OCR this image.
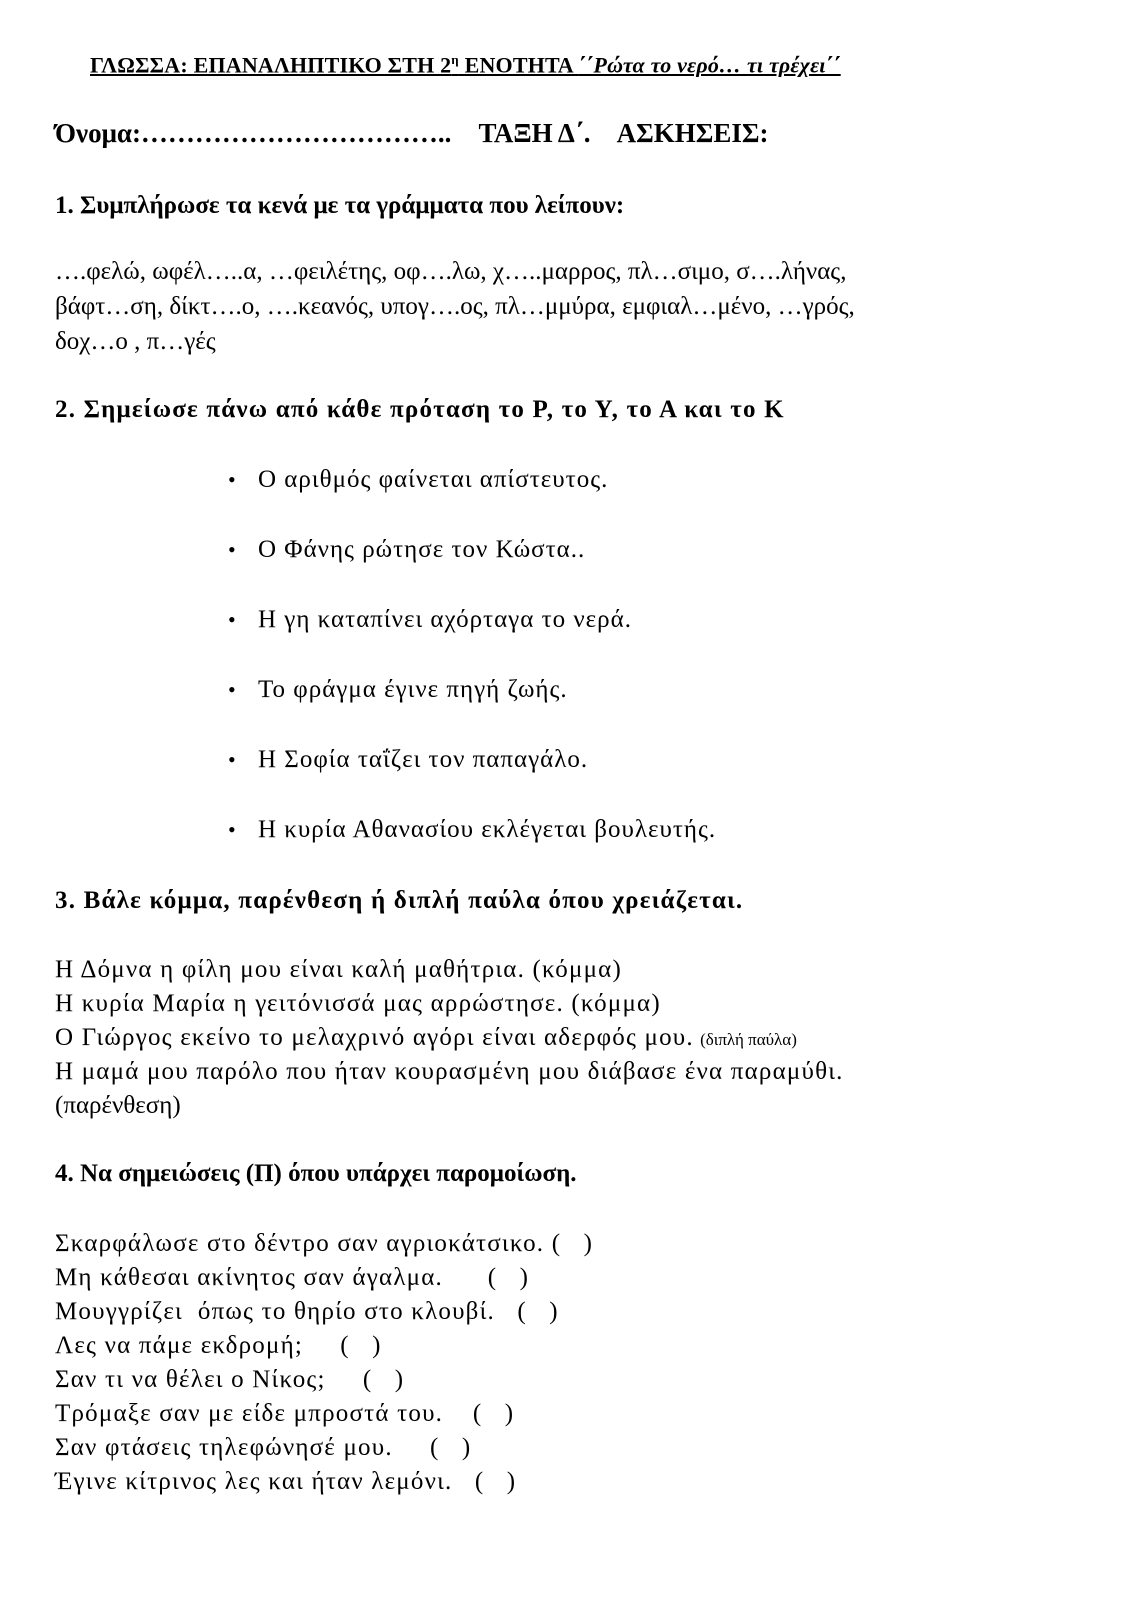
ΓΛΩΣΣΑ: ΕΠΑΝΑΛΗΠΤΙΚΟ ΣΤΗ $2^\eta$ ΕΝΟΤΗΤΑ ΄΄Ρώτα το νερό… τι τρέχει΄΄
Όνομα:…………………………….. ΤΑΞΗ Δ΄. ΑΣΚΗΣΕΙΣ:
1. Συμπλήρωσε τα κενά με τα γράμματα που λείπουν:
….φελώ, ωφέλ…..α, …φειλέτης, οφ….λω, χ…..μαρρος, πλ…σιμο, σ….λήνας,
βάφτ…ση, δίκτ….ο, ….κεανός, υπογ….ος, πλ…μμύρα, εμφιαλ…μένο, …γρός,
δοχ…ο , π…γές
2. Σημείωσε πάνω από κάθε πρόταση το Ρ, το Υ, το Α και το Κ
• Ο αριθμός φαίνεται απίστευτος.
• Ο Φάνης ρώτησε τον Κώστα..
• Η γη καταπίνει αχόρταγα το νερά.
• Το φράγμα έγινε πηγή ζωής.
• Η Σοφία ταΐζει τον παπαγάλο.
• Η κυρία Αθανασίου εκλέγεται βουλευτής.
3. Βάλε κόμμα, παρένθεση ή διπλή παύλα όπου χρειάζεται.
Η Δόμνα η φίλη μου είναι καλή μαθήτρια. (κόμμα)
Η κυρία Μαρία η γειτόνισσά μας αρρώστησε. (κόμμα)
Ο Γιώργος εκείνο το μελαχρινό αγόρι είναι αδερφός μου. (διπλή παύλα)
Η μαμά μου παρόλο που ήταν κουρασμένη μου διάβασε ένα παραμύθι.
(παρένθεση)
4. Να σημειώσεις (Π) όπου υπάρχει παρομοίωση.
Σκαρφάλωσε στο δέντρο σαν αγριοκάτσικο. (   )
Μη κάθεσαι ακίνητος σαν άγαλμα.      (   )
Μουγγρίζει  όπως το θηρίο στο κλουβί.   (   )
Λες να πάμε εκδρομή;     (   )
Σαν τι να θέλει ο Νίκος;     (   )
Τρόμαξε σαν με είδε μπροστά του.    (   )
Σαν φτάσεις τηλεφώνησέ μου.     (   )
Έγινε κίτρινος λες και ήταν λεμόνι.   (   )
